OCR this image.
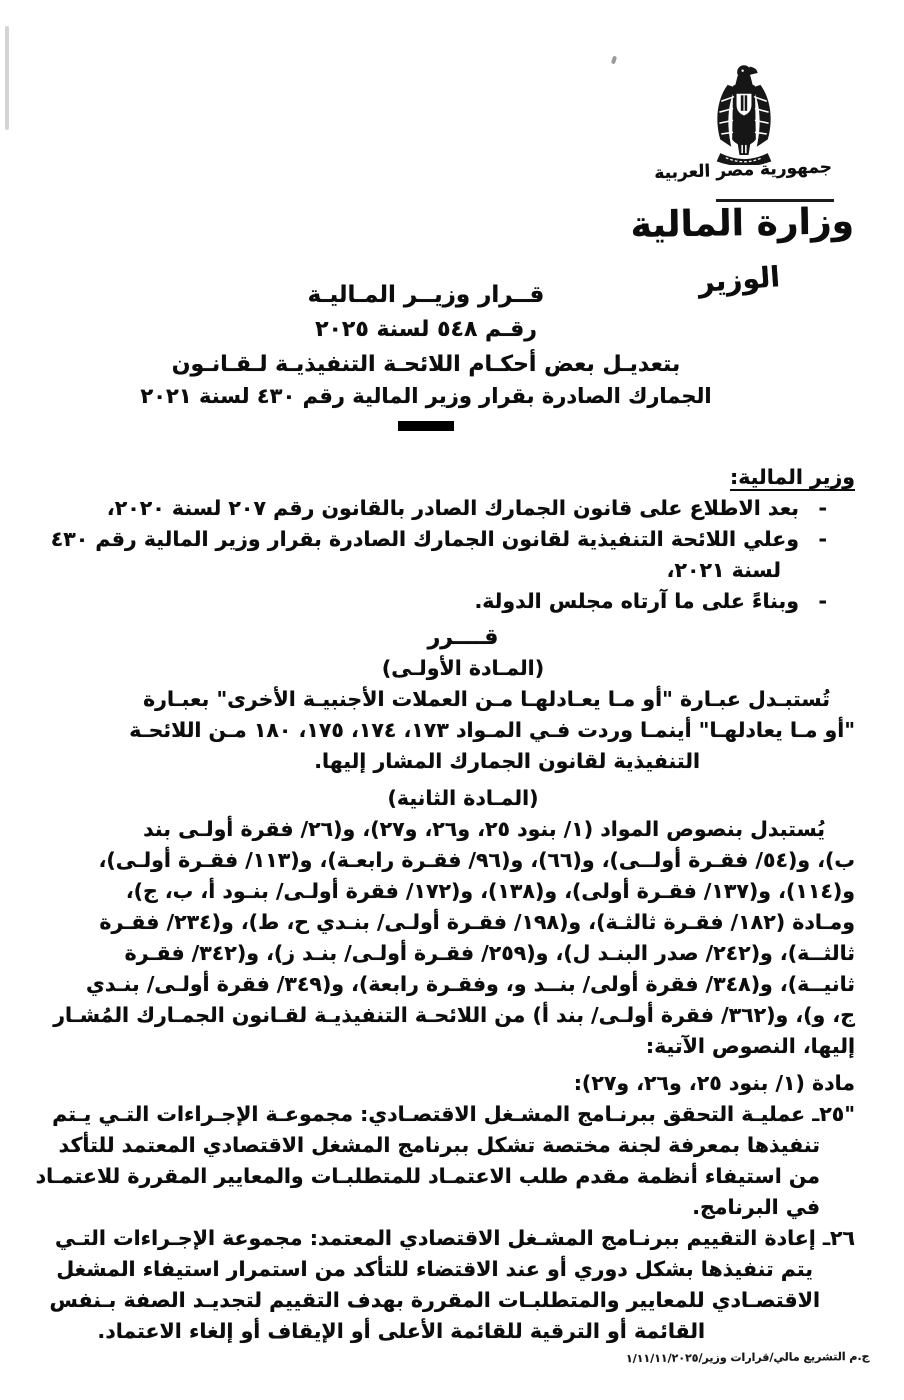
جمهورية مصر العربية
وزارة المالية
الوزير
قــرار وزيــر المـاليـة
رقـم ٥٤٨ لسنة ٢٠٢٥
بتعديـل بعض أحكـام اللائحـة التنفيذيـة لـقـانـون
الجمارك الصادرة بقرار وزير المالية رقم ٤٣٠ لسنة ٢٠٢١
وزير المالية:
-
بعد الاطلاع على قانون الجمارك الصادر بالقانون رقم ٢٠٧ لسنة ٢٠٢٠،
-
وعلي اللائحة التنفيذية لقانون الجمارك الصادرة بقرار وزير المالية رقم ٤٣٠
لسنة ٢٠٢١،
-
وبناءً على ما آرتاه مجلس الدولة.
قــــرر
(المـادة الأولـى)
تُستبـدل عبـارة "أو مـا يعـادلهـا مـن العملات الأجنبيـة الأخرى" بعبـارة
"أو مـا يعادلهـا" أينمـا وردت فـي المـواد ١٧٣، ١٧٤، ١٧٥، ١٨٠ مـن اللائحـة
التنفيذية لقانون الجمارك المشار إليها.
(المـادة الثانية)
يُستبدل بنصوص المواد (١/ بنود ٢٥، و٢٦، و٢٧)، و(٢٦/ فقرة أولـى بند
ب)، و(٥٤/ فقـرة أولــى)، و(٦٦)، و(٩٦/ فقـرة رابعـة)، و(١١٣/ فقـرة أولـى)،
و(١١٤)، و(١٣٧/ فقـرة أولى)، و(١٣٨)، و(١٧٢/ فقرة أولـى/ بنـود أ، ب، ج)،
ومـادة (١٨٢/ فقـرة ثالثـة)، و(١٩٨/ فقـرة أولـى/ بنـدي ح، ط)، و(٢٣٤/ فقـرة
ثالثــة)، و(٢٤٢/ صدر البنـد ل)، و(٢٥٩/ فقـرة أولـى/ بنـد ز)، و(٣٤٢/ فقـرة
ثانيــة)، و(٣٤٨/ فقرة أولى/ بنــد و، وفقـرة رابعة)، و(٣٤٩/ فقرة أولـى/ بنـدي
ج، و)، و(٣٦٢/ فقرة أولـى/ بند أ) من اللائحـة التنفيذيـة لقـانون الجمـارك المُشـار
إليها، النصوص الآتية:
مادة (١/ بنود ٢٥، و٢٦، و٢٧):
"٢٥ـ عمليـة التحقق ببرنـامج المشـغل الاقتصـادي: مجموعـة الإجـراءات التـي يـتم
تنفيذها بمعرفة لجنة مختصة تشكل ببرنامج المشغل الاقتصادي المعتمد للتأكد
من استيفاء أنظمة مقدم طلب الاعتمـاد للمتطلبـات والمعايير المقررة للاعتمـاد
في البرنامج.
٢٦ـ إعادة التقييم ببرنـامج المشـغل الاقتصادي المعتمد: مجموعة الإجـراءات التـي
يتم تنفيذها بشكل دوري أو عند الاقتضاء للتأكد من استمرار استيفاء المشغل
الاقتصـادي للمعايير والمتطلبـات المقررة بهدف التقييم لتجديـد الصفة بـنفس
القائمة أو الترقية للقائمة الأعلى أو الإيقاف أو إلغاء الاعتماد.
ج.م التشريع مالي/قرارات وزير/١/١١/١١/٢٠٢٥
